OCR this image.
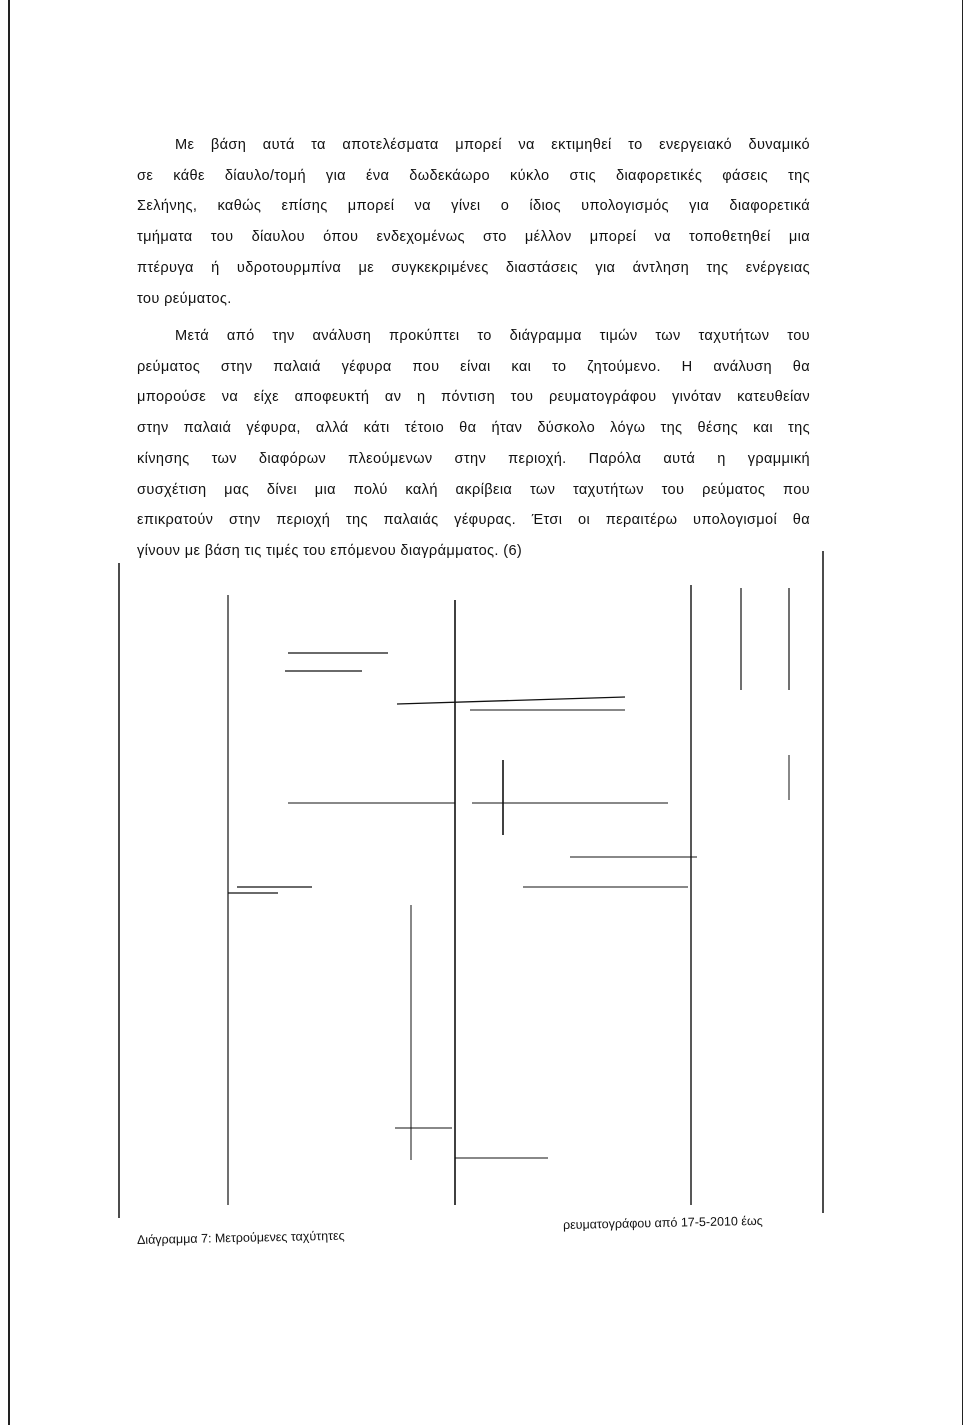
Με βάση αυτά τα αποτελέσματα μπορεί να εκτιμηθεί το ενεργειακό δυναμικό
σε κάθε δίαυλο/τομή για ένα δωδεκάωρο κύκλο στις διαφορετικές φάσεις της
Σελήνης, καθώς επίσης μπορεί να γίνει ο ίδιος υπολογισμός για διαφορετικά
τμήματα του δίαυλου όπου ενδεχομένως στο μέλλον μπορεί να τοποθετηθεί μια
πτέρυγα ή υδροτουρμπίνα με συγκεκριμένες διαστάσεις για άντληση της ενέργειας
του ρεύματος.
Μετά από την ανάλυση προκύπτει το διάγραμμα τιμών των ταχυτήτων του
ρεύματος στην παλαιά γέφυρα που είναι και το ζητούμενο. Η ανάλυση θα
μπορούσε να είχε αποφευκτή αν η πόντιση του ρευματογράφου γινόταν κατευθείαν
στην παλαιά γέφυρα, αλλά κάτι τέτοιο θα ήταν δύσκολο λόγω της θέσης και της
κίνησης των διαφόρων πλεούμενων στην περιοχή. Παρόλα αυτά η γραμμική
συσχέτιση μας δίνει μια πολύ καλή ακρίβεια των ταχυτήτων του ρεύματος που
επικρατούν στην περιοχή της παλαιάς γέφυρας. Έτσι οι περαιτέρω υπολογισμοί θα
γίνουν με βάση τις τιμές του επόμενου διαγράμματος. (6)
Διάγραμμα 7: Μετρούμενες ταχύτητες
ρευματογράφου από 17-5-2010 έως
